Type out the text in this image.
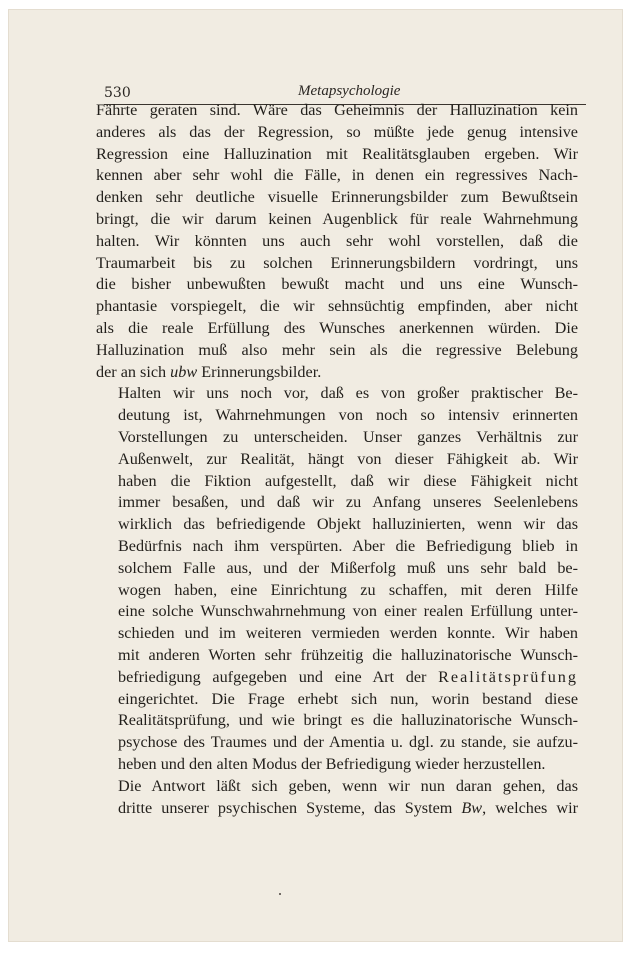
530	Metapsychologie

Fährte geraten sind. Wäre das Geheimnis der Halluzination kein
anderes als das der Regression, so müßte jede genug intensive
Regression eine Halluzination mit Realitätsglauben ergeben. Wir
kennen aber sehr wohl die Fälle, in denen ein regressives Nach-
denken sehr deutliche visuelle Erinnerungsbilder zum Bewußtsein
bringt, die wir darum keinen Augenblick für reale Wahrnehmung
halten. Wir könnten uns auch sehr wohl vorstellen, daß die
Traumarbeit bis zu solchen Erinnerungsbildern vordringt, uns
die bisher unbewußten bewußt macht und uns eine Wunsch-
phantasie vorspiegelt, die wir sehnsüchtig empfinden, aber nicht
als die reale Erfüllung des Wunsches anerkennen würden. Die
Halluzination muß also mehr sein als die regressive Belebung
der an sich ubw Erinnerungsbilder.

Halten wir uns noch vor, daß es von großer praktischer Be-
deutung ist, Wahrnehmungen von noch so intensiv erinnerten
Vorstellungen zu unterscheiden. Unser ganzes Verhältnis zur
Außenwelt, zur Realität, hängt von dieser Fähigkeit ab. Wir
haben die Fiktion aufgestellt, daß wir diese Fähigkeit nicht
immer besaßen, und daß wir zu Anfang unseres Seelenlebens
wirklich das befriedigende Objekt halluzinierten, wenn wir das
Bedürfnis nach ihm verspürten. Aber die Befriedigung blieb in
solchem Falle aus, und der Mißerfolg muß uns sehr bald be-
wogen haben, eine Einrichtung zu schaffen, mit deren Hilfe
eine solche Wunschwahrnehmung von einer realen Erfüllung unter-
schieden und im weiteren vermieden werden konnte. Wir haben
mit anderen Worten sehr frühzeitig die halluzinatorische Wunsch-
befriedigung aufgegeben und eine Art der Realitätsprüfung
eingerichtet. Die Frage erhebt sich nun, worin bestand diese
Realitätsprüfung, und wie bringt es die halluzinatorische Wunsch-
psychose des Traumes und der Amentia u. dgl. zu stande, sie aufzu-
heben und den alten Modus der Befriedigung wieder herzustellen.

Die Antwort läßt sich geben, wenn wir nun daran gehen, das
dritte unserer psychischen Systeme, das System Bw, welches wir
